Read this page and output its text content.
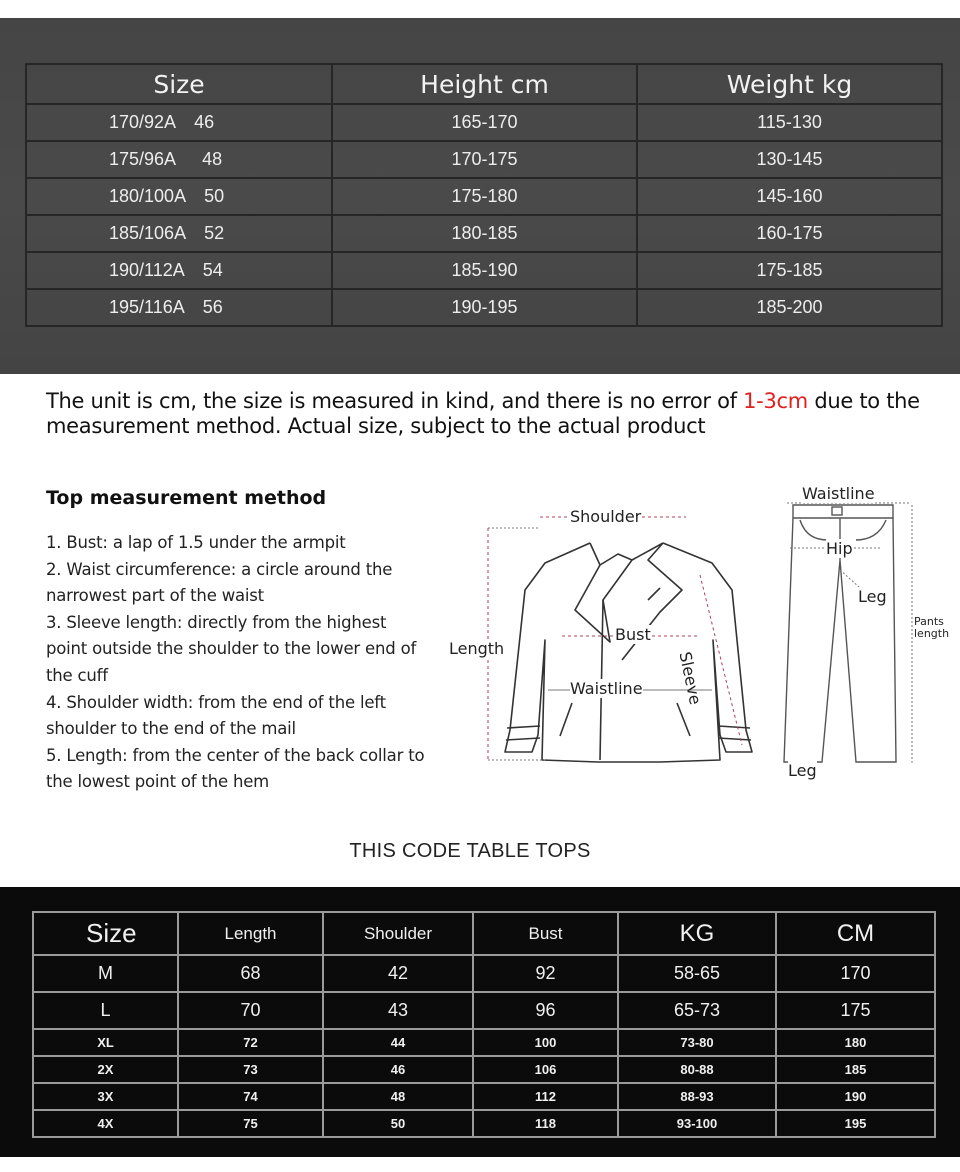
Size	Height cm	Weight kg
170/92A 46	165-170	115-130
175/96A 48	170-175	130-145
180/100A 50	175-180	145-160
185/106A 52	180-185	160-175
190/112A 54	185-190	175-185
195/116A 56	190-195	185-200
The unit is cm, the size is measured in kind, and there is no error of 1-3cm due to the measurement method. Actual size, subject to the actual product
Top measurement method
1. Bust: a lap of 1.5 under the armpit
2. Waist circumference: a circle around the narrowest part of the waist
3. Sleeve length: directly from the highest point outside the shoulder to the lower end of the cuff
4. Shoulder width: from the end of the left shoulder to the end of the mail
5. Length: from the center of the back collar to the lowest point of the hem
Shoulder
Length
Bust
Waistline Sleeve
Waistline
Hip
Leg
Pants
length
Leg
THIS CODE TABLE TOPS
Size	Length	Shoulder	Bust	KG	CM
M	68	42	92	58-65	170
L	70	43	96	65-73	175
XL	72	44	100	73-80	180
2X	73	46	106	80-88	185
3X	74	48	112	88-93	190
4X	75	50	118	93-100	195
